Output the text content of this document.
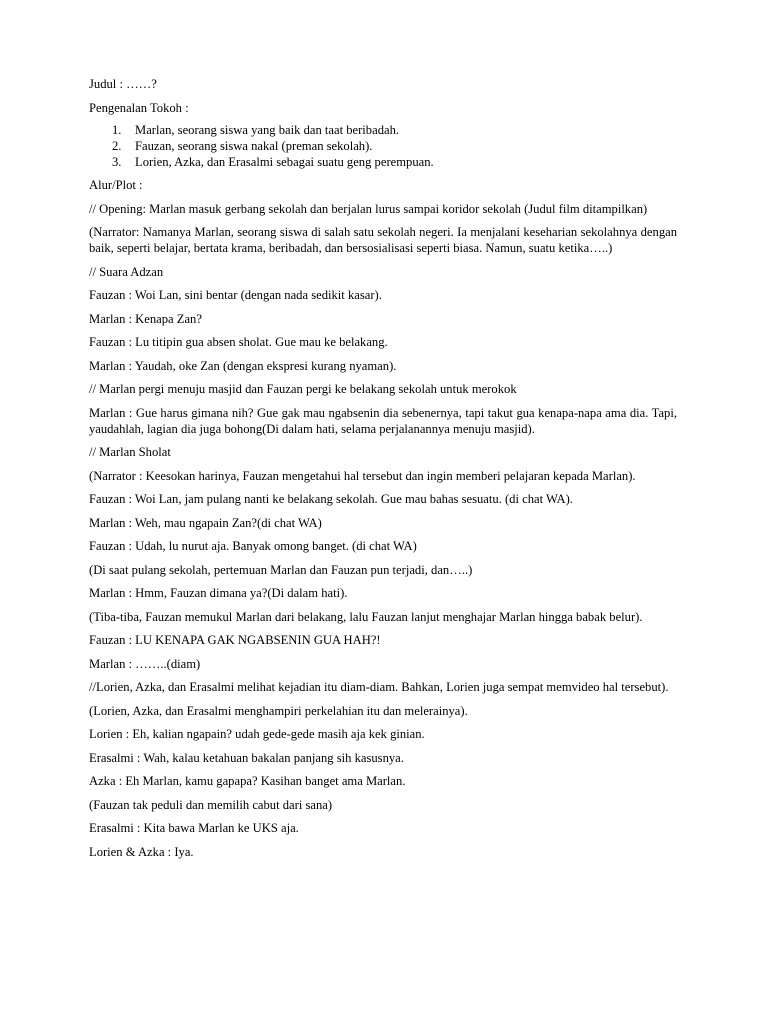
Judul : ……?

Pengenalan Tokoh :

1. Marlan, seorang siswa yang baik dan taat beribadah.
2. Fauzan, seorang siswa nakal (preman sekolah).
3. Lorien, Azka, dan Erasalmi sebagai suatu geng perempuan.

Alur/Plot :

// Opening: Marlan masuk gerbang sekolah dan berjalan lurus sampai koridor sekolah (Judul film ditampilkan)

(Narrator: Namanya Marlan, seorang siswa di salah satu sekolah negeri. Ia menjalani keseharian sekolahnya dengan baik, seperti belajar, bertata krama, beribadah, dan bersosialisasi seperti biasa. Namun, suatu ketika…..)

// Suara Adzan

Fauzan : Woi Lan, sini bentar (dengan nada sedikit kasar).

Marlan : Kenapa Zan?

Fauzan : Lu titipin gua absen sholat. Gue mau ke belakang.

Marlan : Yaudah, oke Zan (dengan ekspresi kurang nyaman).

// Marlan pergi menuju masjid dan Fauzan pergi ke belakang sekolah untuk merokok

Marlan : Gue harus gimana nih? Gue gak mau ngabsenin dia sebenernya, tapi takut gua kenapa-napa ama dia. Tapi, yaudahlah, lagian dia juga bohong(Di dalam hati, selama perjalanannya menuju masjid).

// Marlan Sholat

(Narrator : Keesokan harinya, Fauzan mengetahui hal tersebut dan ingin memberi pelajaran kepada Marlan).

Fauzan : Woi Lan, jam pulang nanti ke belakang sekolah. Gue mau bahas sesuatu. (di chat WA).

Marlan : Weh, mau ngapain Zan?(di chat WA)

Fauzan : Udah, lu nurut aja. Banyak omong banget. (di chat WA)

(Di saat pulang sekolah, pertemuan Marlan dan Fauzan pun terjadi, dan…..)

Marlan : Hmm, Fauzan dimana ya?(Di dalam hati).

(Tiba-tiba, Fauzan memukul Marlan dari belakang, lalu Fauzan lanjut menghajar Marlan hingga babak belur).

Fauzan : LU KENAPA GAK NGABSENIN GUA HAH?!

Marlan : ……..(diam)

//Lorien, Azka, dan Erasalmi melihat kejadian itu diam-diam. Bahkan, Lorien juga sempat memvideo hal tersebut).

(Lorien, Azka, dan Erasalmi menghampiri perkelahian itu dan melerainya).

Lorien : Eh, kalian ngapain? udah gede-gede masih aja kek ginian.

Erasalmi : Wah, kalau ketahuan bakalan panjang sih kasusnya.

Azka : Eh Marlan, kamu gapapa? Kasihan banget ama Marlan.

(Fauzan tak peduli dan memilih cabut dari sana)

Erasalmi : Kita bawa Marlan ke UKS aja.

Lorien & Azka : Iya.
